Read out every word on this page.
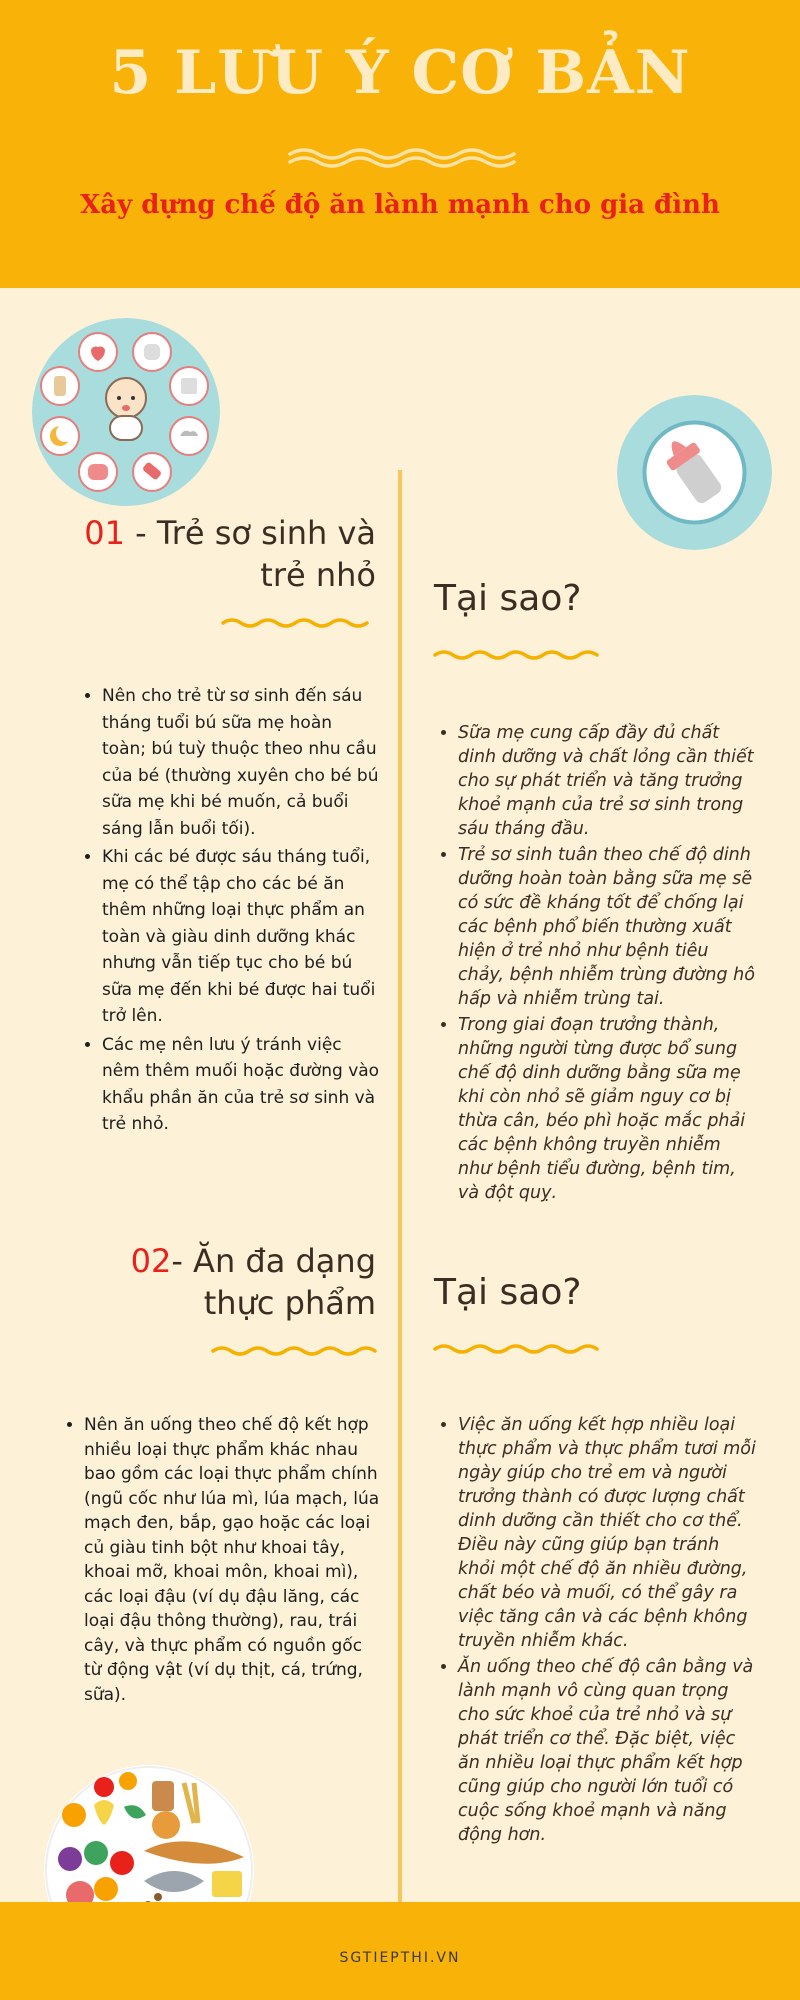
5 LƯU Ý CƠ BẢN
Xây dựng chế độ ăn lành mạnh cho gia đình
01 - Trẻ sơ sinh và
trẻ nhỏ
Tại sao?
• Nên cho trẻ từ sơ sinh đến sáu tháng tuổi bú sữa mẹ hoàn toàn; bú tuỳ thuộc theo nhu cầu của bé (thường xuyên cho bé bú sữa mẹ khi bé muốn, cả buổi sáng lẫn buổi tối).
• Khi các bé được sáu tháng tuổi, mẹ có thể tập cho các bé ăn thêm những loại thực phẩm an toàn và giàu dinh dưỡng khác nhưng vẫn tiếp tục cho bé bú sữa mẹ đến khi bé được hai tuổi trở lên.
• Các mẹ nên lưu ý tránh việc nêm thêm muối hoặc đường vào khẩu phần ăn của trẻ sơ sinh và trẻ nhỏ.
• Sữa mẹ cung cấp đầy đủ chất dinh dưỡng và chất lỏng cần thiết cho sự phát triển và tăng trưởng khoẻ mạnh của trẻ sơ sinh trong sáu tháng đầu.
• Trẻ sơ sinh tuân theo chế độ dinh dưỡng hoàn toàn bằng sữa mẹ sẽ có sức đề kháng tốt để chống lại các bệnh phổ biến thường xuất hiện ở trẻ nhỏ như bệnh tiêu chảy, bệnh nhiễm trùng đường hô hấp và nhiễm trùng tai.
• Trong giai đoạn trưởng thành, những người từng được bổ sung chế độ dinh dưỡng bằng sữa mẹ khi còn nhỏ sẽ giảm nguy cơ bị thừa cân, béo phì hoặc mắc phải các bệnh không truyền nhiễm như bệnh tiểu đường, bệnh tim, và đột quỵ.
02- Ăn đa dạng
thực phẩm Tại sao?
• Nên ăn uống theo chế độ kết hợp nhiều loại thực phẩm khác nhau bao gồm các loại thực phẩm chính (ngũ cốc như lúa mì, lúa mạch, lúa mạch đen, bắp, gạo hoặc các loại củ giàu tinh bột như khoai tây, khoai mỡ, khoai môn, khoai mì), các loại đậu (ví dụ đậu lăng, các loại đậu thông thường), rau, trái cây, và thực phẩm có nguồn gốc từ động vật (ví dụ thịt, cá, trứng, sữa).
• Việc ăn uống kết hợp nhiều loại thực phẩm và thực phẩm tươi mỗi ngày giúp cho trẻ em và người trưởng thành có được lượng chất dinh dưỡng cần thiết cho cơ thể. Điều này cũng giúp bạn tránh khỏi một chế độ ăn nhiều đường, chất béo và muối, có thể gây ra việc tăng cân và các bệnh không truyền nhiễm khác.
• Ăn uống theo chế độ cân bằng và lành mạnh vô cùng quan trọng cho sức khoẻ của trẻ nhỏ và sự phát triển cơ thể. Đặc biệt, việc ăn nhiều loại thực phẩm kết hợp cũng giúp cho người lớn tuổi có cuộc sống khoẻ mạnh và năng động hơn.
SGTIEPTHI.VN
